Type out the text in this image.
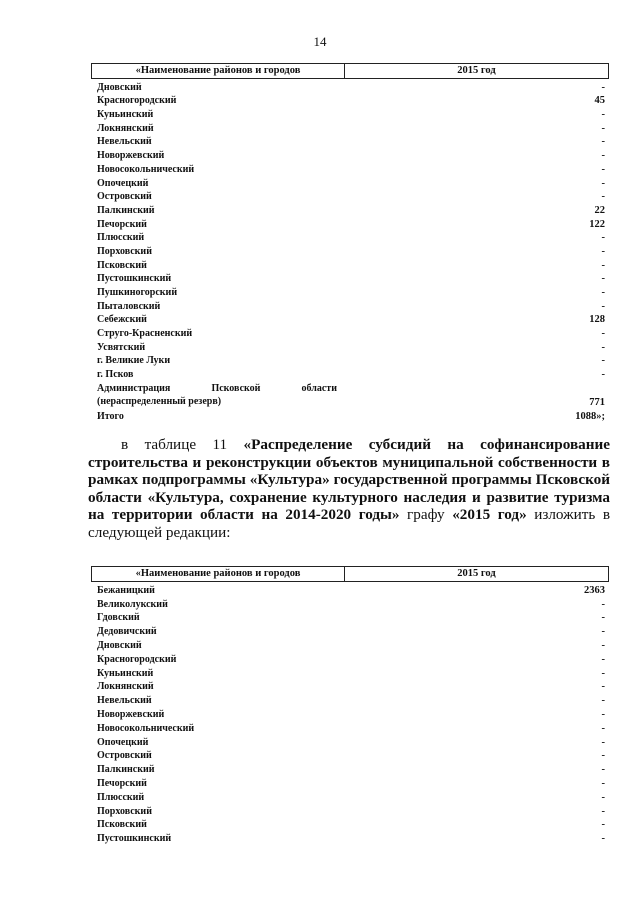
14
«Наименование районов и городов	2015 год
Дновский	-
Красногородский	45
Куньинский	-
Локнянский	-
Невельский	-
Новоржевский	-
Новосокольнический	-
Опочецкий	-
Островский	-
Палкинский	22
Печорский	122
Плюсский	-
Порховский	-
Псковский	-
Пустошкинский	-
Пушкиногорский	-
Пыталовский	-
Себежский	128
Струго-Красненский	-
Усвятский	-
г. Великие Луки	-
г. Псков	-
Администрация	Псковской	области
(нераспределенный резерв)	771
Итого	1088»;
в таблице 11 «Распределение субсидий на софинансирование строительства и реконструкции объектов муниципальной собственности в рамках подпрограммы «Культура» государственной программы Псковской области «Культура, сохранение культурного наследия и развитие туризма на территории области на 2014-2020 годы» графу «2015 год» изложить в следующей редакции:
«Наименование районов и городов	2015 год
Бежаницкий	2363
Великолукский	-
Гдовский	-
Дедовичский	-
Дновский	-
Красногородский	-
Куньинский	-
Локнянский	-
Невельский	-
Новоржевский	-
Новосокольнический	-
Опочецкий	-
Островский	-
Палкинский	-
Печорский	-
Плюсский	-
Порховский	-
Псковский	-
Пустошкинский	-
